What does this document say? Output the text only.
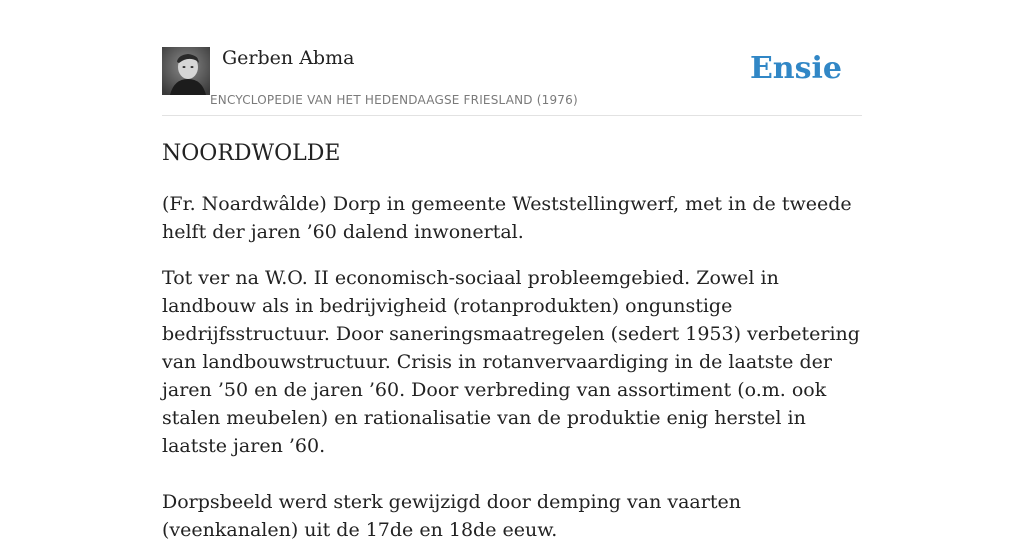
Gerben Abma
ENCYCLOPEDIE VAN HET HEDENDAAGSE FRIESLAND (1976)
Ensie
NOORDWOLDE

(Fr. Noardwâlde) Dorp in gemeente Weststellingwerf, met in de tweede helft der jaren ’60 dalend inwonertal.

Tot ver na W.O. II economisch-sociaal probleemgebied. Zowel in landbouw als in bedrijvigheid (rotanprodukten) ongunstige bedrijfsstructuur. Door saneringsmaatregelen (sedert 1953) verbetering van landbouwstructuur. Crisis in rotanvervaardiging in de laatste der jaren ’50 en de jaren ’60. Door verbreding van assortiment (o.m. ook stalen meubelen) en rationalisatie van de produktie enig herstel in laatste jaren ’60.

Dorpsbeeld werd sterk gewijzigd door demping van vaarten (veenkanalen) uit de 17de en 18de eeuw.
